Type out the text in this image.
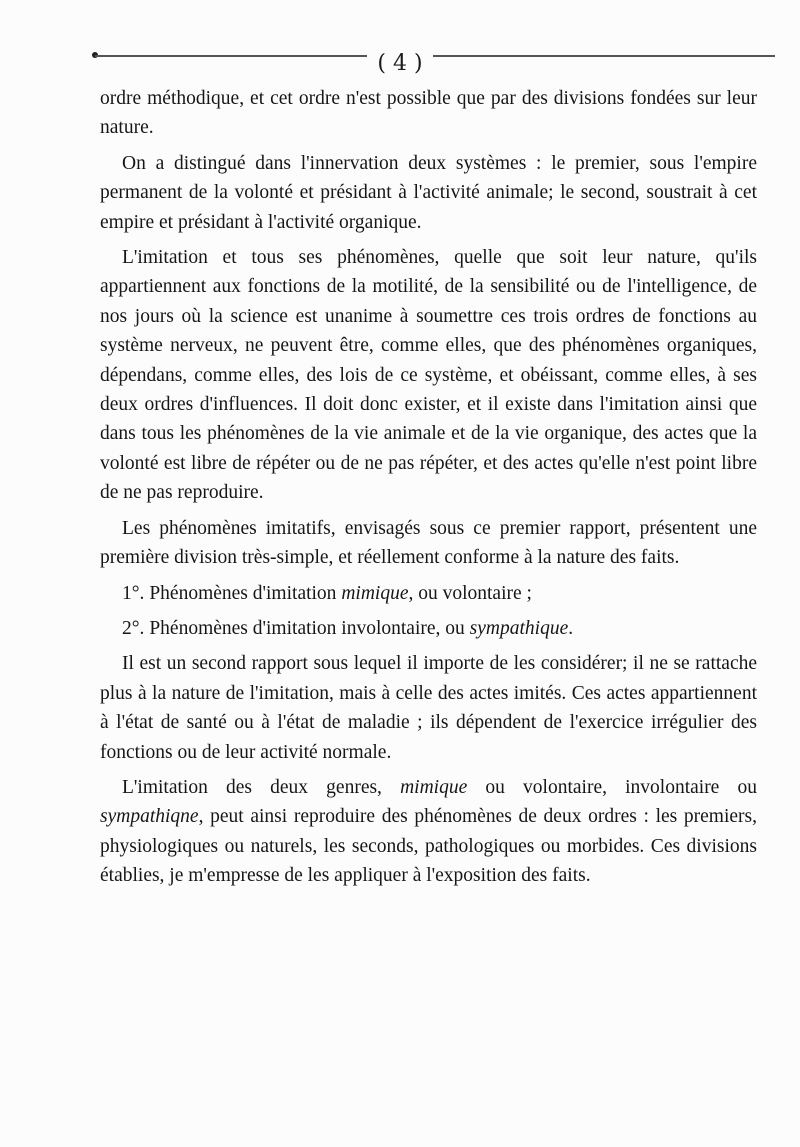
( 4 )

ordre méthodique, et cet ordre n'est possible que par des divisions fondées sur leur nature.

On a distingué dans l'innervation deux systèmes : le premier, sous l'empire permanent de la volonté et présidant à l'activité animale; le second, soustrait à cet empire et présidant à l'activité organique.

L'imitation et tous ses phénomènes, quelle que soit leur nature, qu'ils appartiennent aux fonctions de la motilité, de la sensibilité ou de l'intelligence, de nos jours où la science est unanime à soumettre ces trois ordres de fonctions au système nerveux, ne peuvent être, comme elles, que des phénomènes organiques, dépendans, comme elles, des lois de ce système, et obéissant, comme elles, à ses deux ordres d'influences. Il doit donc exister, et il existe dans l'imitation ainsi que dans tous les phénomènes de la vie animale et de la vie organique, des actes que la volonté est libre de répéter ou de ne pas répéter, et des actes qu'elle n'est point libre de ne pas reproduire.

Les phénomènes imitatifs, envisagés sous ce premier rapport, présentent une première division très-simple, et réellement conforme à la nature des faits.

1°. Phénomènes d'imitation mimique, ou volontaire ;

2°. Phénomènes d'imitation involontaire, ou sympathique.

Il est un second rapport sous lequel il importe de les considérer; il ne se rattache plus à la nature de l'imitation, mais à celle des actes imités. Ces actes appartiennent à l'état de santé ou à l'état de maladie ; ils dépendent de l'exercice irrégulier des fonctions ou de leur activité normale.

L'imitation des deux genres, mimique ou volontaire, involontaire ou sympathiqne, peut ainsi reproduire des phénomènes de deux ordres : les premiers, physiologiques ou naturels, les seconds, pathologiques ou morbides. Ces divisions établies, je m'empresse de les appliquer à l'exposition des faits.
